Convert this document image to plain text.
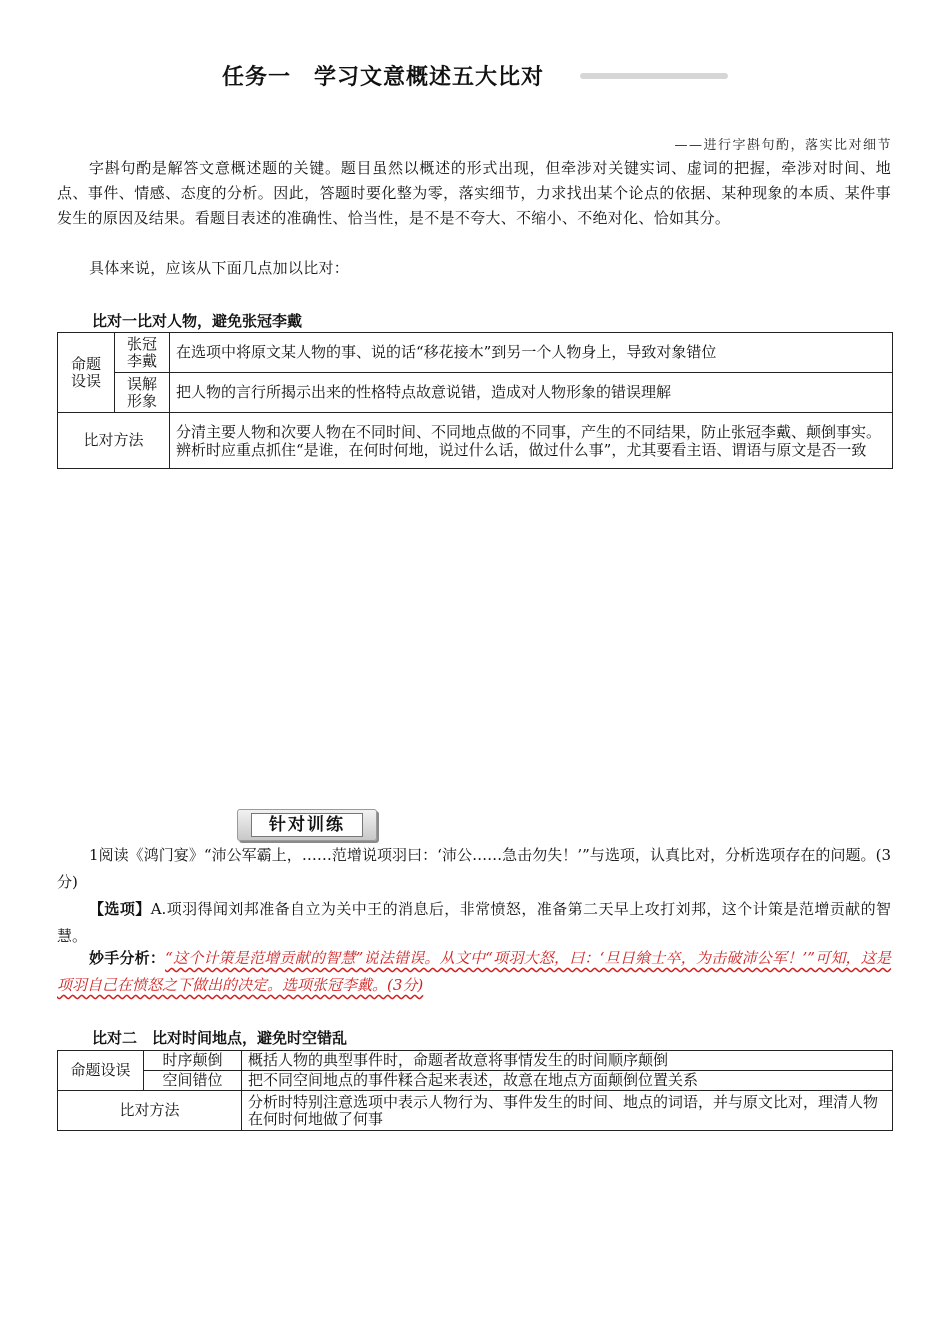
任务一　学习文意概述五大比对
——进行字斟句酌，落实比对细节

字斟句酌是解答文意概述题的关键。题目虽然以概述的形式出现，但牵涉对关键实词、虚词的把握，牵涉对时间、地点、事件、情感、态度的分析。因此，答题时要化整为零，落实细节，力求找出某个论点的依据、某种现象的本质、某件事发生的原因及结果。看题目表述的准确性、恰当性，是不是不夸大、不缩小、不绝对化、恰如其分。

具体来说，应该从下面几点加以比对：

比对一比对人物，避免张冠李戴
命题设误	张冠李戴	在选项中将原文某人物的事、说的话“移花接木”到另一个人物身上，导致对象错位
	误解形象	把人物的言行所揭示出来的性格特点故意说错，造成对人物形象的错误理解
比对方法		分清主要人物和次要人物在不同时间、不同地点做的不同事，产生的不同结果，防止张冠李戴、颠倒事实。辨析时应重点抓住“是谁，在何时何地，说过什么话，做过什么事”，尤其要看主语、谓语与原文是否一致
针对训练

1阅读《鸿门宴》“沛公军霸上，……范增说项羽曰：‘沛公……急击勿失！’”与选项，认真比对，分析选项存在的问题。(3分)

【选项】A.项羽得闻刘邦准备自立为关中王的消息后，非常愤怒，准备第二天早上攻打刘邦，这个计策是范增贡献的智慧。

妙手分析：“这个计策是范增贡献的智慧”说法错误。从文中“项羽大怒，曰：‘旦日飨士卒，为击破沛公军！’”可知，这是项羽自己在愤怒之下做出的决定。选项张冠李戴。(3分)

比对二　比对时间地点，避免时空错乱
命题设误	时序颠倒	概括人物的典型事件时，命题者故意将事情发生的时间顺序颠倒
	空间错位	把不同空间地点的事件糅合起来表述，故意在地点方面颠倒位置关系
比对方法		分析时特别注意选项中表示人物行为、事件发生的时间、地点的词语，并与原文比对，理清人物在何时何地做了何事
